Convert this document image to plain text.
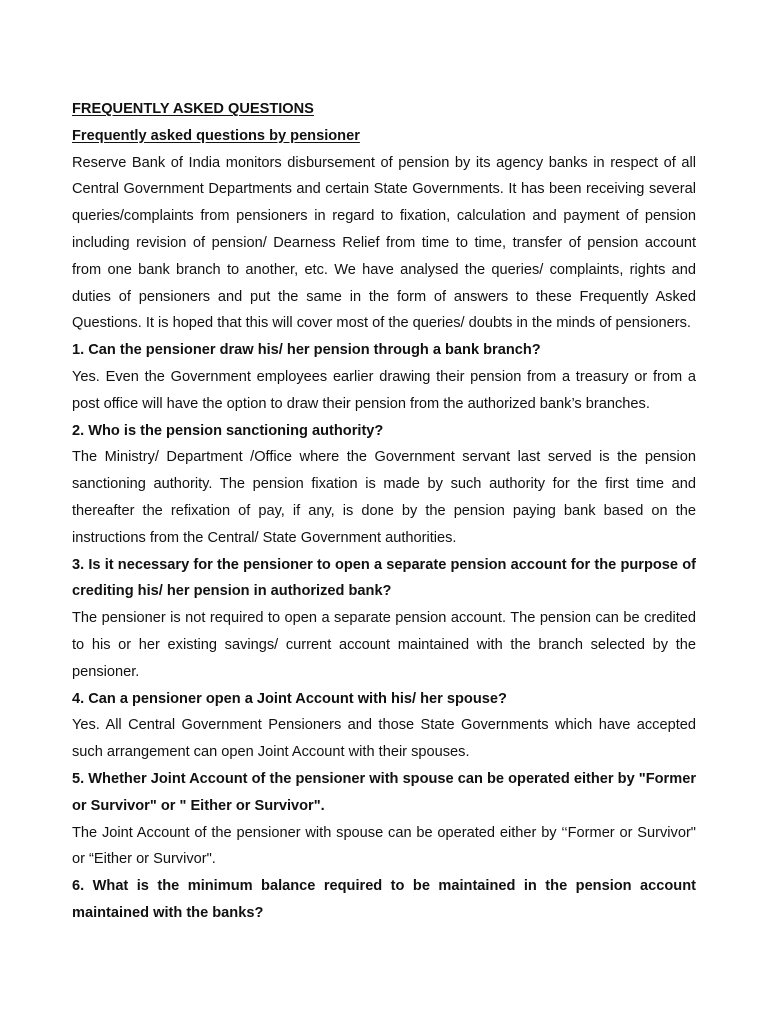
FREQUENTLY ASKED QUESTIONS

Frequently asked questions by pensioner

Reserve Bank of India monitors disbursement of pension by its agency banks in respect of all Central Government Departments and certain State Governments. It has been receiving several queries/complaints from pensioners in regard to fixation, calculation and payment of pension including revision of pension/ Dearness Relief from time to time, transfer of pension account from one bank branch to another, etc. We have analysed the queries/ complaints, rights and duties of pensioners and put the same in the form of answers to these Frequently Asked Questions. It is hoped that this will cover most of the queries/ doubts in the minds of pensioners.

1. Can the pensioner draw his/ her pension through a bank branch?

Yes. Even the Government employees earlier drawing their pension from a treasury or from a post office will have the option to draw their pension from the authorized bank’s branches.

2. Who is the pension sanctioning authority?

The Ministry/ Department /Office where the Government servant last served is the pension sanctioning authority. The pension fixation is made by such authority for the first time and thereafter the refixation of pay, if any, is done by the pension paying bank based on the instructions from the Central/ State Government authorities.

3. Is it necessary for the pensioner to open a separate pension account for the purpose of crediting his/ her pension in authorized bank?

The pensioner is not required to open a separate pension account. The pension can be credited to his or her existing savings/ current account maintained with the branch selected by the pensioner.

4. Can a pensioner open a Joint Account with his/ her spouse?

Yes. All Central Government Pensioners and those State Governments which have accepted such arrangement can open Joint Account with their spouses.

5. Whether Joint Account of the pensioner with spouse can be operated either by "Former or Survivor" or " Either or Survivor".

The Joint Account of the pensioner with spouse can be operated either by ‘‘Former or Survivor" or “Either or Survivor".

6. What is the minimum balance required to be maintained in the pension account maintained with the banks?
